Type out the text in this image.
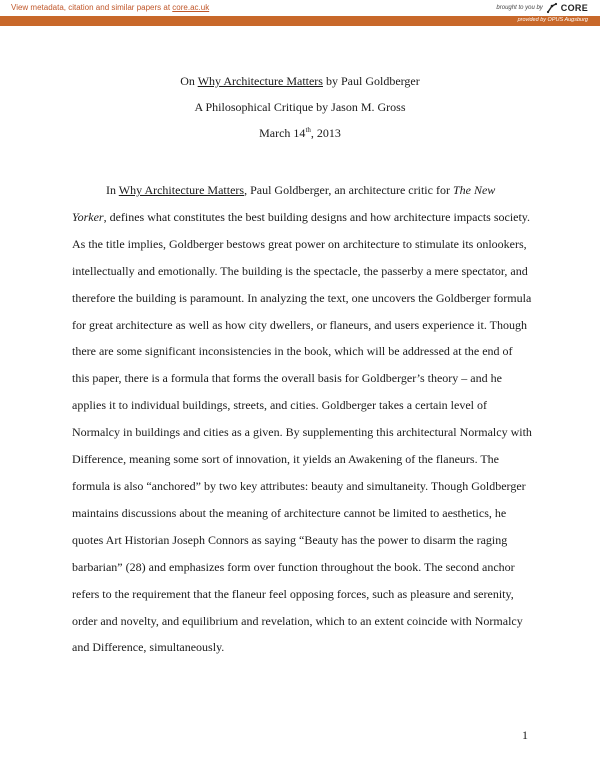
View metadata, citation and similar papers at core.ac.uk	brought to you by CORE
provided by OPUS Augsburg
On Why Architecture Matters by Paul Goldberger
A Philosophical Critique by Jason M. Gross
March 14th, 2013

In Why Architecture Matters, Paul Goldberger, an architecture critic for The New Yorker, defines what constitutes the best building designs and how architecture impacts society. As the title implies, Goldberger bestows great power on architecture to stimulate its onlookers, intellectually and emotionally. The building is the spectacle, the passerby a mere spectator, and therefore the building is paramount. In analyzing the text, one uncovers the Goldberger formula for great architecture as well as how city dwellers, or flaneurs, and users experience it. Though there are some significant inconsistencies in the book, which will be addressed at the end of this paper, there is a formula that forms the overall basis for Goldberger’s theory – and he applies it to individual buildings, streets, and cities. Goldberger takes a certain level of Normalcy in buildings and cities as a given. By supplementing this architectural Normalcy with Difference, meaning some sort of innovation, it yields an Awakening of the flaneurs. The formula is also “anchored” by two key attributes: beauty and simultaneity. Though Goldberger maintains discussions about the meaning of architecture cannot be limited to aesthetics, he quotes Art Historian Joseph Connors as saying “Beauty has the power to disarm the raging barbarian” (28) and emphasizes form over function throughout the book. The second anchor refers to the requirement that the flaneur feel opposing forces, such as pleasure and serenity, order and novelty, and equilibrium and revelation, which to an extent coincide with Normalcy and Difference, simultaneously.

1
